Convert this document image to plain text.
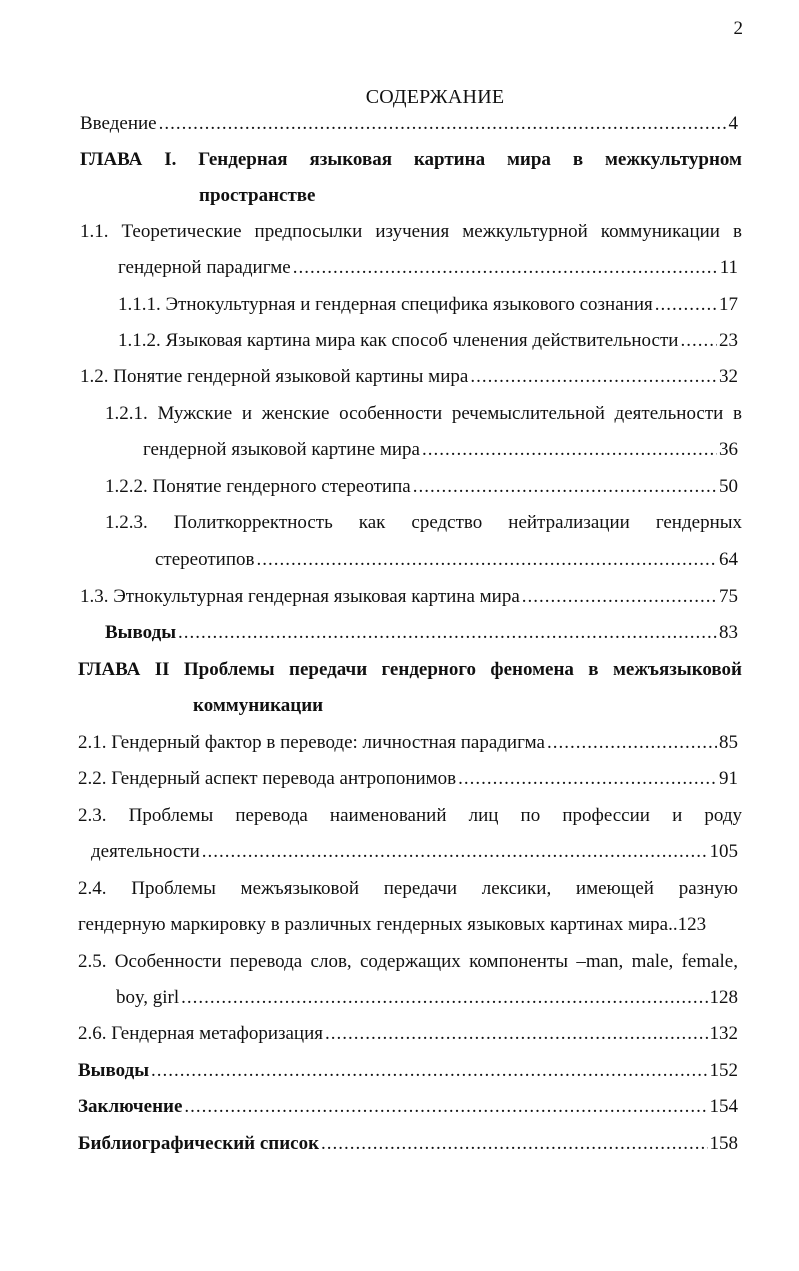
2
СОДЕРЖАНИЕ
Введение .....	4
ГЛАВА I. Гендерная языковая картина мира в межкультурном
пространстве
1.1. Теоретические предпосылки изучения межкультурной коммуникации в
гендерной парадигме .....	11
1.1.1. Этнокультурная и гендерная специфика языкового сознания .....	17
1.1.2. Языковая картина мира как способ членения действительности ..... 23
1.2. Понятие гендерной языковой картины мира .....	32
1.2.1. Мужские и женские особенности речемыслительной деятельности в
гендерной языковой картине мира .....	36
1.2.2. Понятие гендерного стереотипа .....	50
1.2.3. Политкорректность как средство нейтрализации гендерных
стереотипов .....	64
1.3. Этнокультурная гендерная языковая картина мира .....	75
Выводы .....	83
ГЛАВА II Проблемы передачи гендерного феномена в межъязыковой
коммуникации
2.1. Гендерный фактор в переводе: личностная парадигма .....	85
2.2. Гендерный аспект перевода антропонимов .....	91
2.3. Проблемы перевода наименований лиц по профессии и роду
деятельности .....	105
2.4. Проблемы межъязыковой передачи лексики, имеющей разную
гендерную маркировку в различных гендерных языковых картинах мира..123
2.5. Особенности перевода слов, содержащих компоненты –man, male, female,
boy, girl .....	128
2.6. Гендерная метафоризация .....	132
Выводы .....	152
Заключение .....	154
Библиографический список .....	158
